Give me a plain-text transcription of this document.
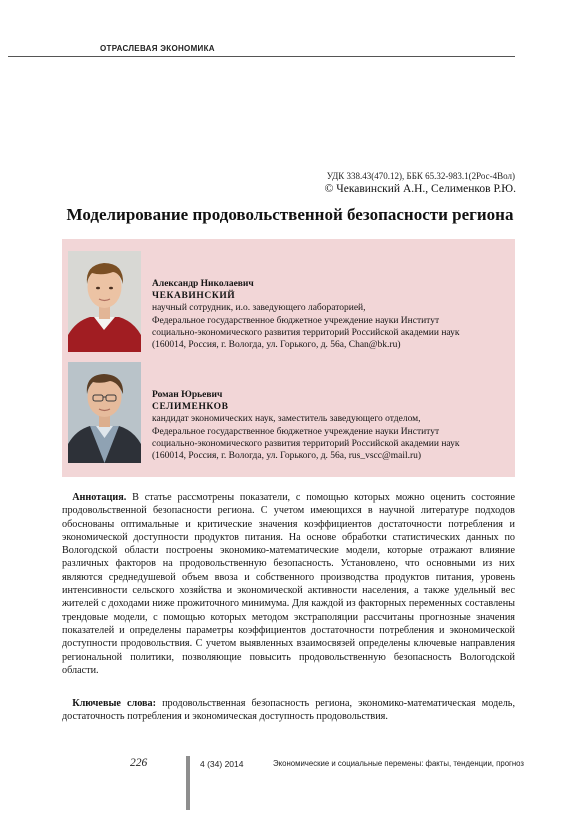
ОТРАСЛЕВАЯ ЭКОНОМИКА
УДК 338.43(470.12), ББК 65.32-983.1(2Рос-4Вол)
© Чекавинский А.Н., Селименков Р.Ю.
Моделирование продовольственной безопасности региона
Александр Николаевич
ЧЕКАВИНСКИЙ
научный сотрудник, и.о. заведующего лабораторией,
Федеральное государственное бюджетное учреждение науки Институт
социально-экономического развития территорий Российской академии наук
(160014, Россия, г. Вологда, ул. Горького, д. 56а, Chan@bk.ru)
Роман Юрьевич
СЕЛИМЕНКОВ
кандидат экономических наук, заместитель заведующего отделом,
Федеральное государственное бюджетное учреждение науки Институт
социально-экономического развития территорий Российской академии наук
(160014, Россия, г. Вологда, ул. Горького, д. 56а, rus_vscc@mail.ru)
 Аннотация. В статье рассмотрены показатели, с помощью которых можно оценить состояние продовольственной безопасности региона. С учетом имеющихся в научной литературе подходов обоснованы оптимальные и критические значения коэффициентов достаточности потребления и экономической доступности продуктов питания. На основе обработки статистических данных по Вологодской области построены экономико-математические модели, которые отражают влияние различных факторов на продовольственную безопасность. Установлено, что основными из них являются среднедушевой объем ввоза и собственного производства продуктов питания, уровень интенсивности сельского хозяйства и экономической активности населения, а также удельный вес жителей с доходами ниже прожиточного минимума. Для каждой из факторных переменных составлены трендовые модели, с помощью которых методом экстраполяции рассчитаны прогнозные значения показателей и определены параметры коэффициентов достаточности потребления и экономической доступности продовольствия. С учетом выявленных взаимосвязей определены ключевые направления региональной политики, позволяющие повысить продовольственную безопасность Вологодской области.
 Ключевые слова: продовольственная безопасность региона, экономико-математическая модель, достаточность потребления и экономическая доступность продовольствия.
226	4 (34) 2014	Экономические и социальные перемены: факты, тенденции, прогноз
